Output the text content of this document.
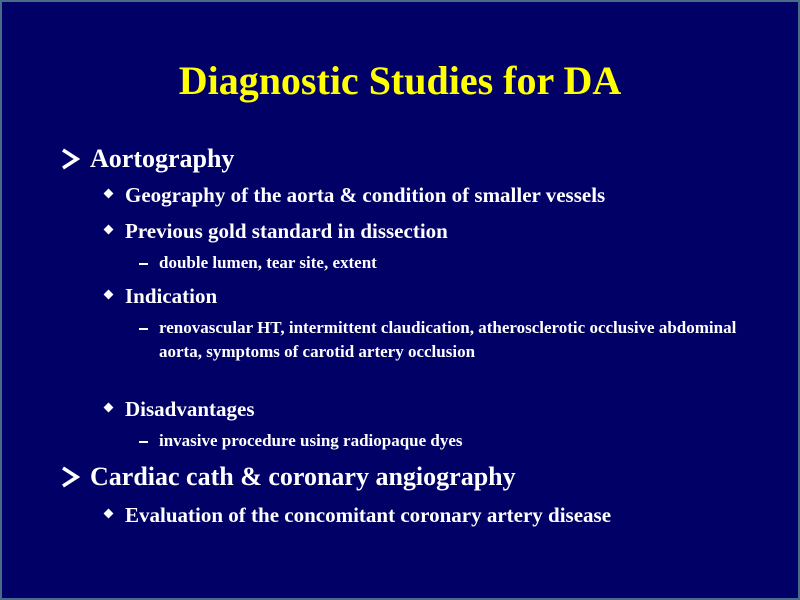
Diagnostic Studies for DA
Aortography
Geography of the aorta & condition of smaller vessels
Previous gold standard in dissection
double lumen, tear site, extent
Indication
renovascular HT, intermittent claudication, atherosclerotic occlusive abdominal aorta, symptoms of carotid artery occlusion
Disadvantages
invasive procedure using radiopaque dyes
Cardiac cath & coronary angiography
Evaluation of the concomitant coronary artery disease
